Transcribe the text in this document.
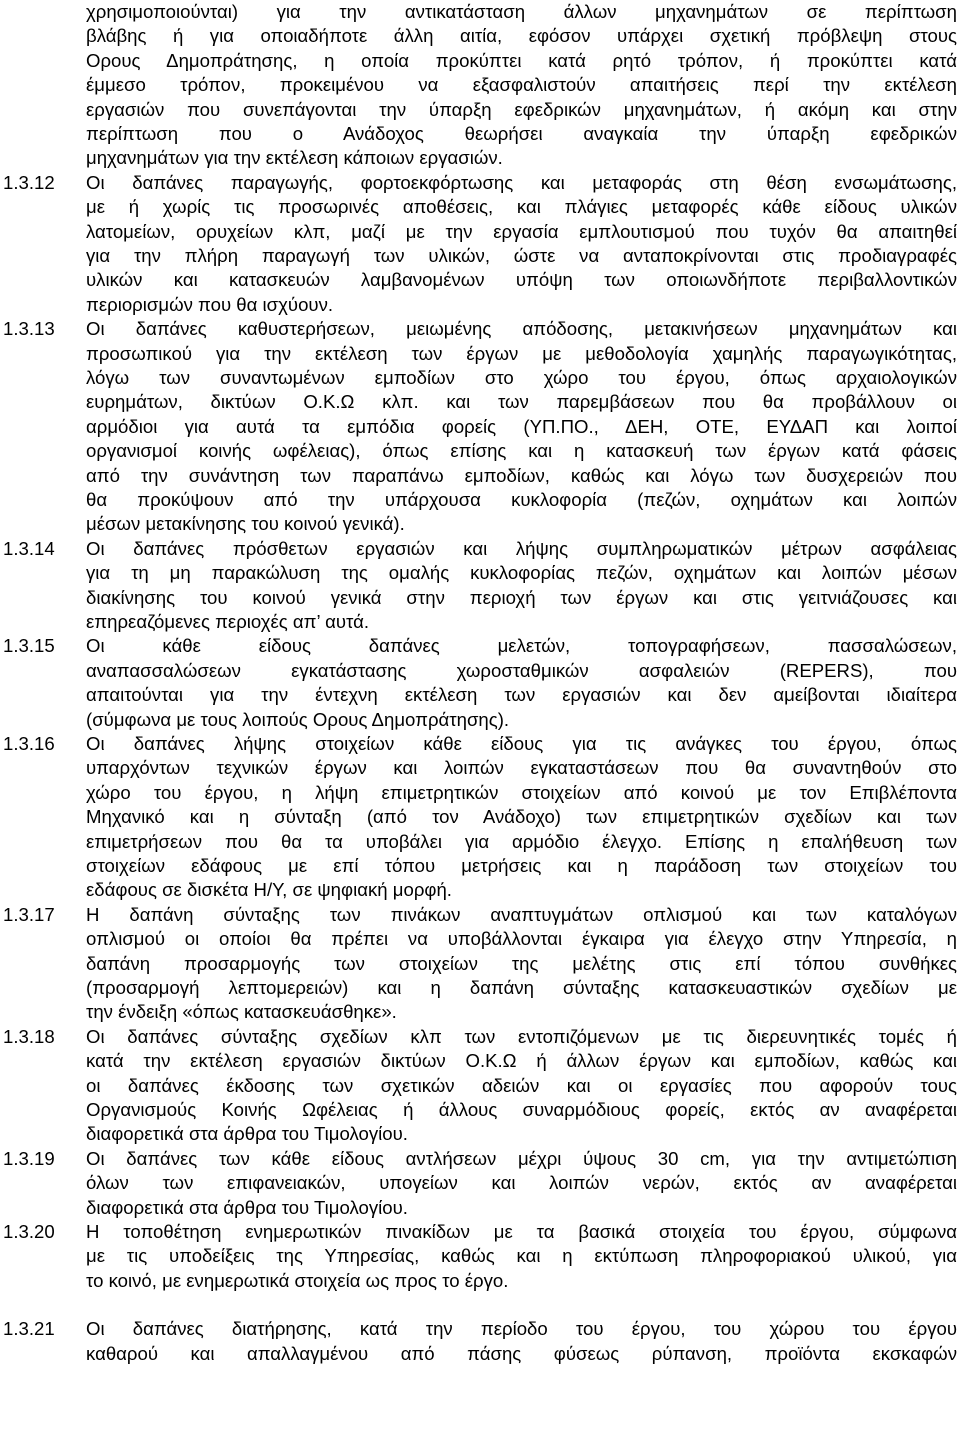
χρησιμοποιούνται) για την αντικατάσταση άλλων μηχανημάτων σε περίπτωση
βλάβης ή για οποιαδήποτε άλλη αιτία, εφόσον υπάρχει σχετική πρόβλεψη στους
Ορους Δημοπράτησης, η οποία προκύπτει κατά ρητό τρόπον, ή προκύπτει κατά
έμμεσο τρόπον, προκειμένου να εξασφαλιστούν απαιτήσεις περί την εκτέλεση
εργασιών που συνεπάγονται την ύπαρξη εφεδρικών μηχανημάτων, ή ακόμη και στην
περίπτωση που ο Ανάδοχος θεωρήσει αναγκαία την ύπαρξη εφεδρικών
μηχανημάτων για την εκτέλεση κάποιων εργασιών.
1.3.12 Οι δαπάνες παραγωγής, φορτοεκφόρτωσης και μεταφοράς στη θέση ενσωμάτωσης,
με ή χωρίς τις προσωρινές αποθέσεις, και πλάγιες μεταφορές κάθε είδους υλικών
λατομείων, ορυχείων κλπ, μαζί με την εργασία εμπλουτισμού που τυχόν θα απαιτηθεί
για την πλήρη παραγωγή των υλικών, ώστε να ανταποκρίνονται στις προδιαγραφές
υλικών και κατασκευών λαμβανομένων υπόψη των οποιωνδήποτε περιβαλλοντικών
περιορισμών που θα ισχύουν.
1.3.13 Οι δαπάνες καθυστερήσεων, μειωμένης απόδοσης, μετακινήσεων μηχανημάτων και
προσωπικού για την εκτέλεση των έργων με μεθοδολογία χαμηλής παραγωγικότητας,
λόγω των συναντωμένων εμποδίων στο χώρο του έργου, όπως αρχαιολογικών
ευρημάτων, δικτύων Ο.Κ.Ω κλπ. και των παρεμβάσεων που θα προβάλλουν οι
αρμόδιοι για αυτά τα εμπόδια φορείς (ΥΠ.ΠΟ., ΔΕΗ, ΟΤΕ, ΕΥΔΑΠ και λοιποί
οργανισμοί κοινής ωφέλειας), όπως επίσης και η κατασκευή των έργων κατά φάσεις
από την συνάντηση των παραπάνω εμποδίων, καθώς και λόγω των δυσχερειών που
θα προκύψουν από την υπάρχουσα κυκλοφορία (πεζών, οχημάτων και λοιπών
μέσων μετακίνησης του κοινού γενικά).
1.3.14 Οι δαπάνες πρόσθετων εργασιών και λήψης συμπληρωματικών μέτρων ασφάλειας
για τη μη παρακώλυση της ομαλής κυκλοφορίας πεζών, οχημάτων και λοιπών μέσων
διακίνησης του κοινού γενικά στην περιοχή των έργων και στις γειτνιάζουσες και
επηρεαζόμενες περιοχές απ’ αυτά.
1.3.15 Οι κάθε είδους δαπάνες μελετών, τοπογραφήσεων, πασσαλώσεων,
αναπασσαλώσεων εγκατάστασης χωροσταθμικών ασφαλειών (REPERS), που
απαιτούνται για την έντεχνη εκτέλεση των εργασιών και δεν αμείβονται ιδιαίτερα
(σύμφωνα με τους λοιπούς Ορους Δημοπράτησης).
1.3.16 Οι δαπάνες λήψης στοιχείων κάθε είδους για τις ανάγκες του έργου, όπως
υπαρχόντων τεχνικών έργων και λοιπών εγκαταστάσεων που θα συναντηθούν στο
χώρο του έργου, η λήψη επιμετρητικών στοιχείων από κοινού με τον Επιβλέποντα
Μηχανικό και η σύνταξη (από τον Ανάδοχο) των επιμετρητικών σχεδίων και των
επιμετρήσεων που θα τα υποβάλει για αρμόδιο έλεγχο. Επίσης η επαλήθευση των
στοιχείων εδάφους με επί τόπου μετρήσεις και η παράδοση των στοιχείων του
εδάφους σε δισκέτα Η/Υ, σε ψηφιακή μορφή.
1.3.17 Η δαπάνη σύνταξης των πινάκων αναπτυγμάτων οπλισμού και των καταλόγων
οπλισμού οι οποίοι θα πρέπει να υποβάλλονται έγκαιρα για έλεγχο στην Υπηρεσία, η
δαπάνη προσαρμογής των στοιχείων της μελέτης στις επί τόπου συνθήκες
(προσαρμογή λεπτομερειών) και η δαπάνη σύνταξης κατασκευαστικών σχεδίων με
την ένδειξη «όπως κατασκευάσθηκε».
1.3.18 Οι δαπάνες σύνταξης σχεδίων κλπ των εντοπιζόμενων με τις διερευνητικές τομές ή
κατά την εκτέλεση εργασιών δικτύων Ο.Κ.Ω ή άλλων έργων και εμποδίων, καθώς και
οι δαπάνες έκδοσης των σχετικών αδειών και οι εργασίες που αφορούν τους
Οργανισμούς Κοινής Ωφέλειας ή άλλους συναρμόδιους φορείς, εκτός αν αναφέρεται
διαφορετικά στα άρθρα του Τιμολογίου.
1.3.19 Οι δαπάνες των κάθε είδους αντλήσεων μέχρι ύψους 30 cm, για την αντιμετώπιση
όλων των επιφανειακών, υπογείων και λοιπών νερών, εκτός αν αναφέρεται
διαφορετικά στα άρθρα του Τιμολογίου.
1.3.20 Η τοποθέτηση ενημερωτικών πινακίδων με τα βασικά στοιχεία του έργου, σύμφωνα
με τις υποδείξεις της Υπηρεσίας, καθώς και η εκτύπωση πληροφοριακού υλικού, για
το κοινό, με ενημερωτικά στοιχεία ως προς το έργο.
1.3.21 Οι δαπάνες διατήρησης, κατά την περίοδο του έργου, του χώρου του έργου
καθαρού και απαλλαγμένου από πάσης φύσεως ρύπανση, προϊόντα εκσκαφών
